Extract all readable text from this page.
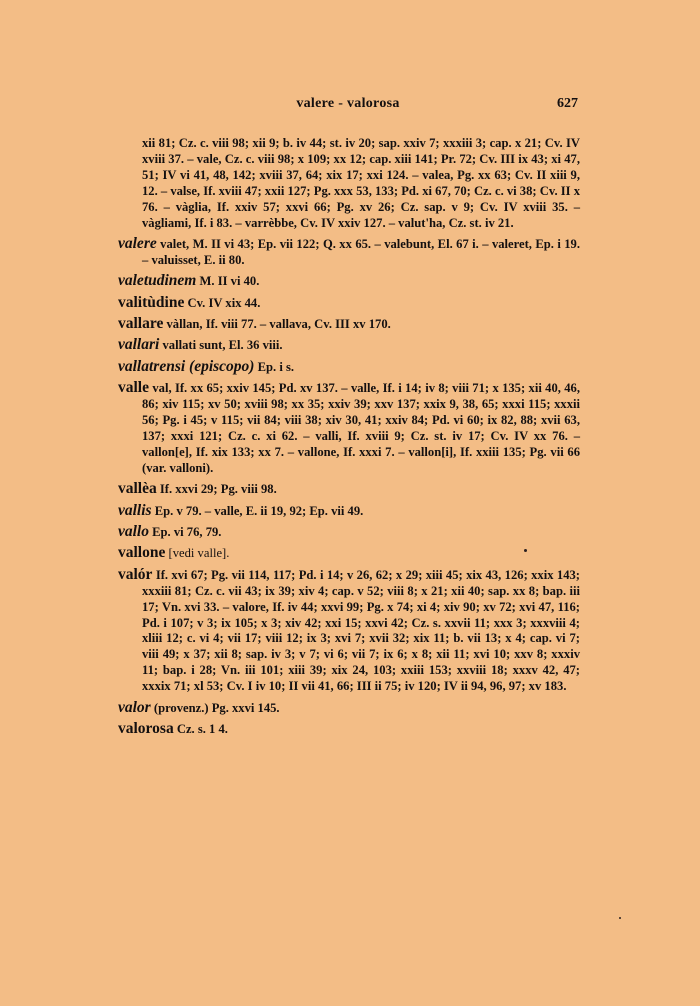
valere - valorosa	627
xii 81; Cz. c. viii 98; xii 9; b. iv 44; st. iv 20; sap. xxiv 7; xxxiii 3; cap. x 21; Cv. IV xviii 37. – vale, Cz. c. viii 98; x 109; xx 12; cap. xiii 141; Pr. 72; Cv. III ix 43; xi 47, 51; IV vi 41, 48, 142; xviii 37, 64; xix 17; xxi 124. – valea, Pg. xx 63; Cv. II xiii 9, 12. – valse, If. xviii 47; xxii 127; Pg. xxx 53, 133; Pd. xi 67, 70; Cz. c. vi 38; Cv. II x 76. – vàglia, If. xxiv 57; xxvi 66; Pg. xv 26; Cz. sap. v 9; Cv. IV xviii 35. – vàgliami, If. i 83. – varrèbbe, Cv. IV xxiv 127. – valut'ha, Cz. st. iv 21.
valere valet, M. II vi 43; Ep. vii 122; Q. xx 65. – valebunt, El. 67 i. – valeret, Ep. i 19. – valuisset, E. ii 80.
valetudinem M. II vi 40.
valitùdine Cv. IV xix 44.
vallare vàllan, If. viii 77. – vallava, Cv. III xv 170.
vallari vallati sunt, El. 36 viii.
vallatrensi (episcopo) Ep. i s.
valle val, If. xx 65; xxiv 145; Pd. xv 137. – valle, If. i 14; iv 8; viii 71; x 135; xii 40, 46, 86; xiv 115; xv 50; xviii 98; xx 35; xxiv 39; xxv 137; xxix 9, 38, 65; xxxi 115; xxxii 56; Pg. i 45; v 115; vii 84; viii 38; xiv 30, 41; xxiv 84; Pd. vi 60; ix 82, 88; xvii 63, 137; xxxi 121; Cz. c. xi 62. – valli, If. xviii 9; Cz. st. iv 17; Cv. IV xx 76. – vallon[e], If. xix 133; xx 7. – vallone, If. xxxi 7. – vallon[i], If. xxiii 135; Pg. vii 66 (var. valloni).
vallèa If. xxvi 29; Pg. viii 98.
vallis Ep. v 79. – valle, E. ii 19, 92; Ep. vii 49.
vallo Ep. vi 76, 79.
vallone [vedi valle].
valór If. xvi 67; Pg. vii 114, 117; Pd. i 14; v 26, 62; x 29; xiii 45; xix 43, 126; xxix 143; xxxiii 81; Cz. c. vii 43; ix 39; xiv 4; cap. v 52; viii 8; x 21; xii 40; sap. xx 8; bap. iii 17; Vn. xvi 33. – valore, If. iv 44; xxvi 99; Pg. x 74; xi 4; xiv 90; xv 72; xvi 47, 116; Pd. i 107; v 3; ix 105; x 3; xiv 42; xxi 15; xxvi 42; Cz. s. xxvii 11; xxx 3; xxxviii 4; xliii 12; c. vi 4; vii 17; viii 12; ix 3; xvi 7; xvii 32; xix 11; b. vii 13; x 4; cap. vi 7; viii 49; x 37; xii 8; sap. iv 3; v 7; vi 6; vii 7; ix 6; x 8; xii 11; xvi 10; xxv 8; xxxiv 11; bap. i 28; Vn. iii 101; xiii 39; xix 24, 103; xxiii 153; xxviii 18; xxxv 42, 47; xxxix 71; xl 53; Cv. I iv 10; II vii 41, 66; III ii 75; iv 120; IV ii 94, 96, 97; xv 183.
valor (provenz.) Pg. xxvi 145.
valorosa Cz. s. 1 4.
